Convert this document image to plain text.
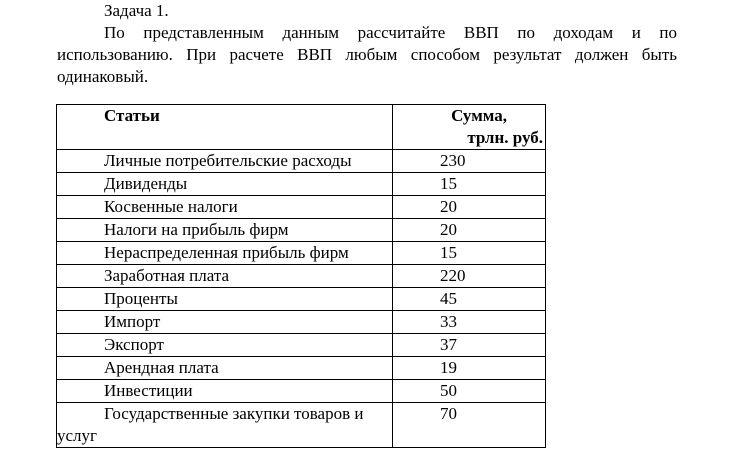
Задача 1.
По представленным данным рассчитайте ВВП по доходам и по использованию. При расчете ВВП любым способом результат должен быть одинаковый.
Статьи	Сумма,
трлн. руб.

Личные потребительские расходы	230
Дивиденды	15
Косвенные налоги	20
Налоги на прибыль фирм	20
Нераспределенная прибыль фирм	15
Заработная плата	220
Проценты	45
Импорт	33
Экспорт	37
Арендная плата	19
Инвестиции	50

Государственные закупки товаров и услуг	70
